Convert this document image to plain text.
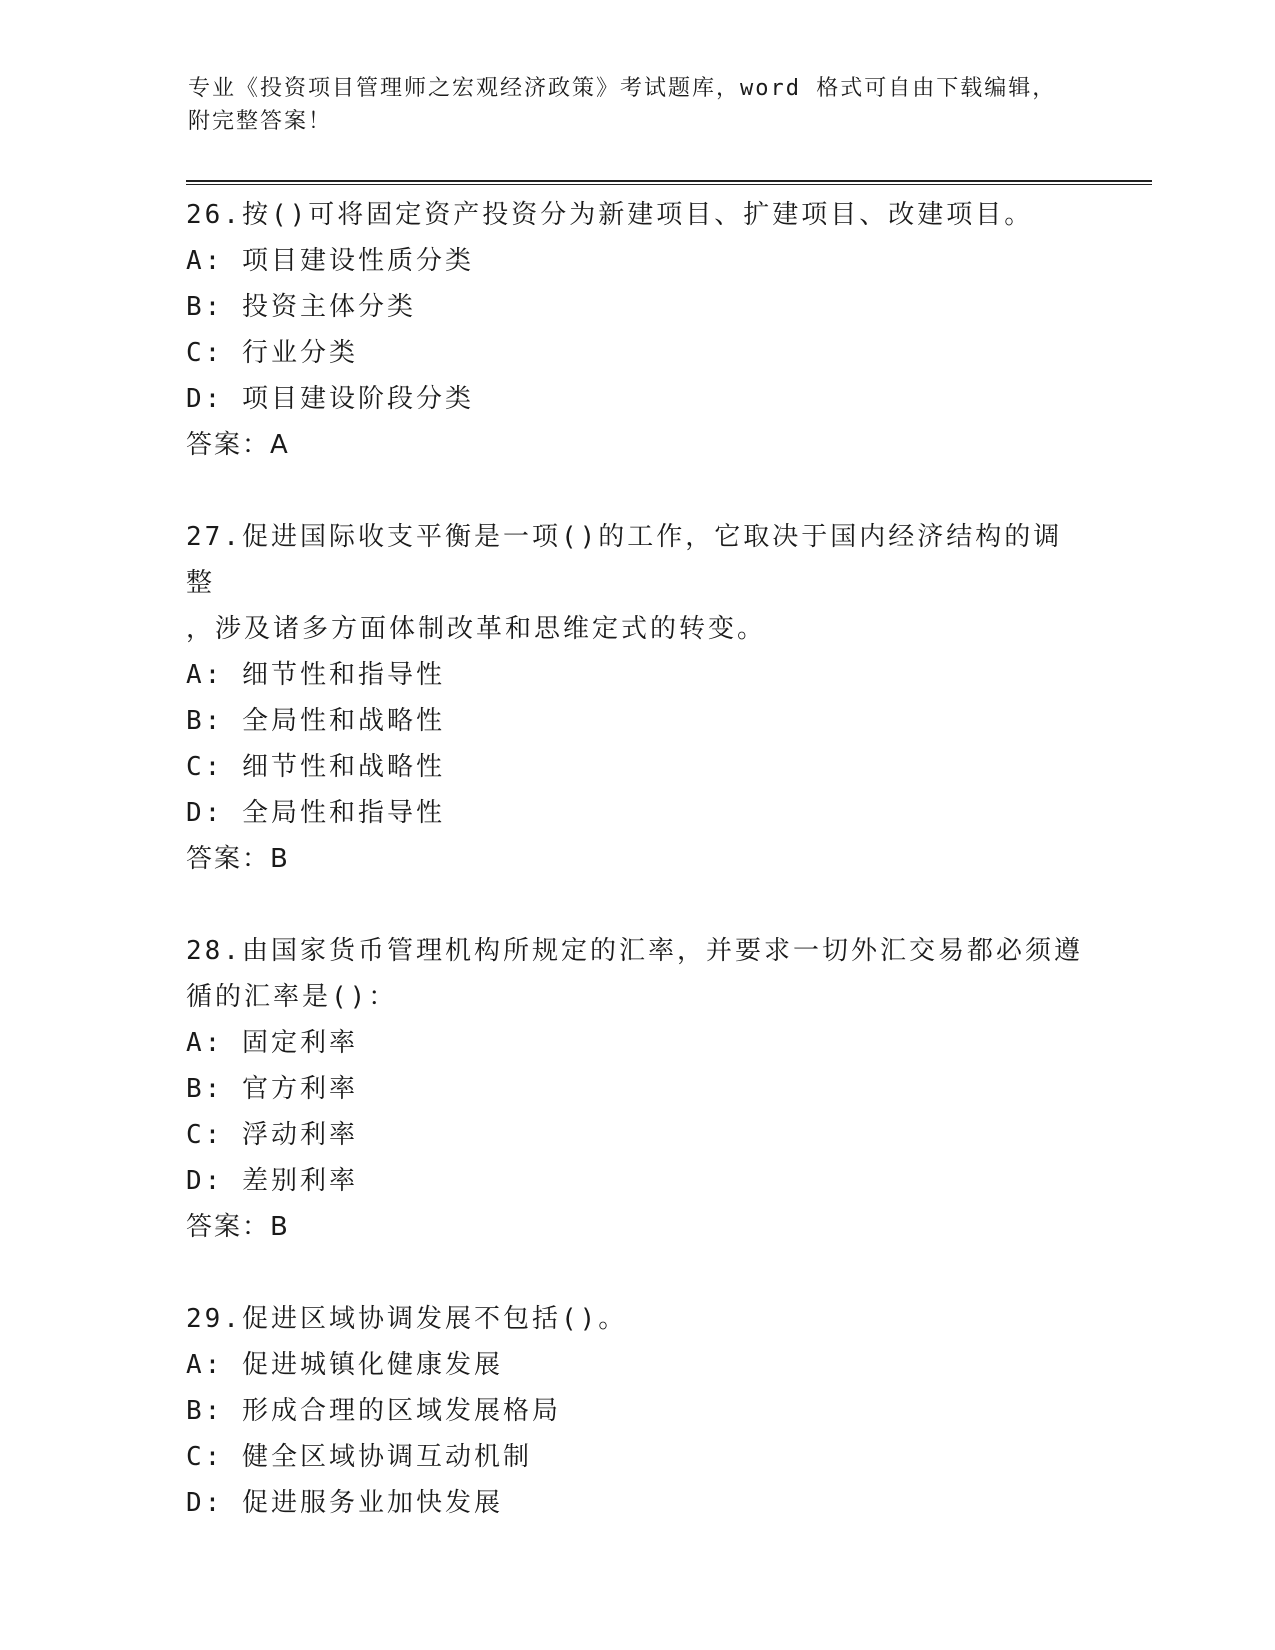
专业《投资项目管理师之宏观经济政策》考试题库，word 格式可自由下载编辑，
附完整答案！
26.按()可将固定资产投资分为新建项目、扩建项目、改建项目。
A: 项目建设性质分类
B: 投资主体分类
C: 行业分类
D: 项目建设阶段分类
答案：A
27.促进国际收支平衡是一项()的工作，它取决于国内经济结构的调整
，涉及诸多方面体制改革和思维定式的转变。
A: 细节性和指导性
B: 全局性和战略性
C: 细节性和战略性
D: 全局性和指导性
答案：B
28.由国家货币管理机构所规定的汇率，并要求一切外汇交易都必须遵
循的汇率是()：
A: 固定利率
B: 官方利率
C: 浮动利率
D: 差别利率
答案：B
29.促进区域协调发展不包括()。
A: 促进城镇化健康发展
B: 形成合理的区域发展格局
C: 健全区域协调互动机制
D: 促进服务业加快发展
